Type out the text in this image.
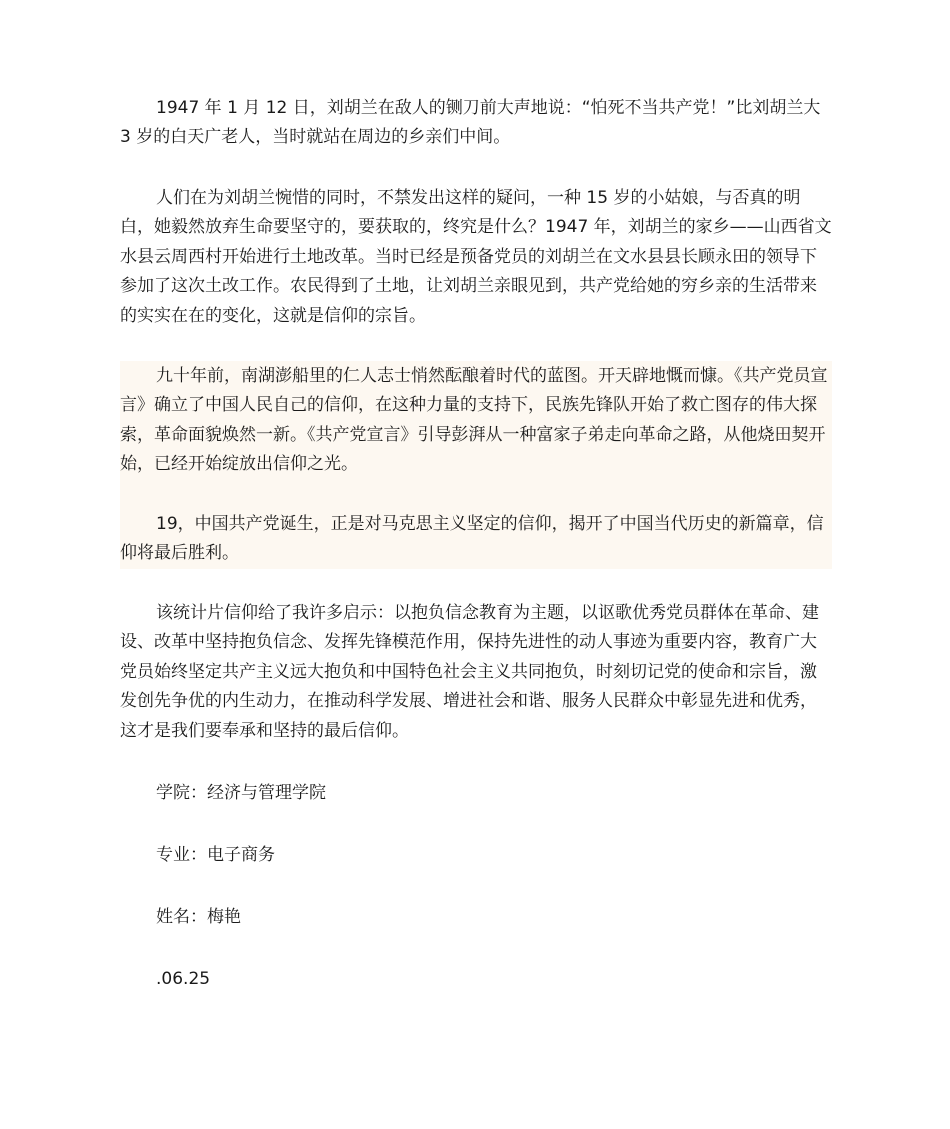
1947 年 1 月 12 日，刘胡兰在敌人的铡刀前大声地说：“怕死不当共产党！”比刘胡兰大 3 岁的白天广老人，当时就站在周边的乡亲们中间。

人们在为刘胡兰惋惜的同时，不禁发出这样的疑问，一种 15 岁的小姑娘，与否真的明白，她毅然放弃生命要坚守的，要获取的，终究是什么？1947 年，刘胡兰的家乡——山西省文水县云周西村开始进行土地改革。当时已经是预备党员的刘胡兰在文水县县长顾永田的领导下参加了这次土改工作。农民得到了土地，让刘胡兰亲眼见到，共产党给她的穷乡亲的生活带来的实实在在的变化，这就是信仰的宗旨。

九十年前，南湖澎船里的仁人志士悄然酝酿着时代的蓝图。开天辟地慨而慷。《共产党员宣言》确立了中国人民自己的信仰，在这种力量的支持下，民族先锋队开始了救亡图存的伟大探索，革命面貌焕然一新。《共产党宣言》引导彭湃从一种富家子弟走向革命之路，从他烧田契开始，已经开始绽放出信仰之光。

19，中国共产党诞生，正是对马克思主义坚定的信仰，揭开了中国当代历史的新篇章，信仰将最后胜利。

该统计片信仰给了我许多启示：以抱负信念教育为主题，以讴歌优秀党员群体在革命、建设、改革中坚持抱负信念、发挥先锋模范作用，保持先进性的动人事迹为重要内容，教育广大党员始终坚定共产主义远大抱负和中国特色社会主义共同抱负，时刻切记党的使命和宗旨，激发创先争优的内生动力，在推动科学发展、增进社会和谐、服务人民群众中彰显先进和优秀，这才是我们要奉承和坚持的最后信仰。

学院：经济与管理学院

专业：电子商务

姓名：梅艳

.06.25
